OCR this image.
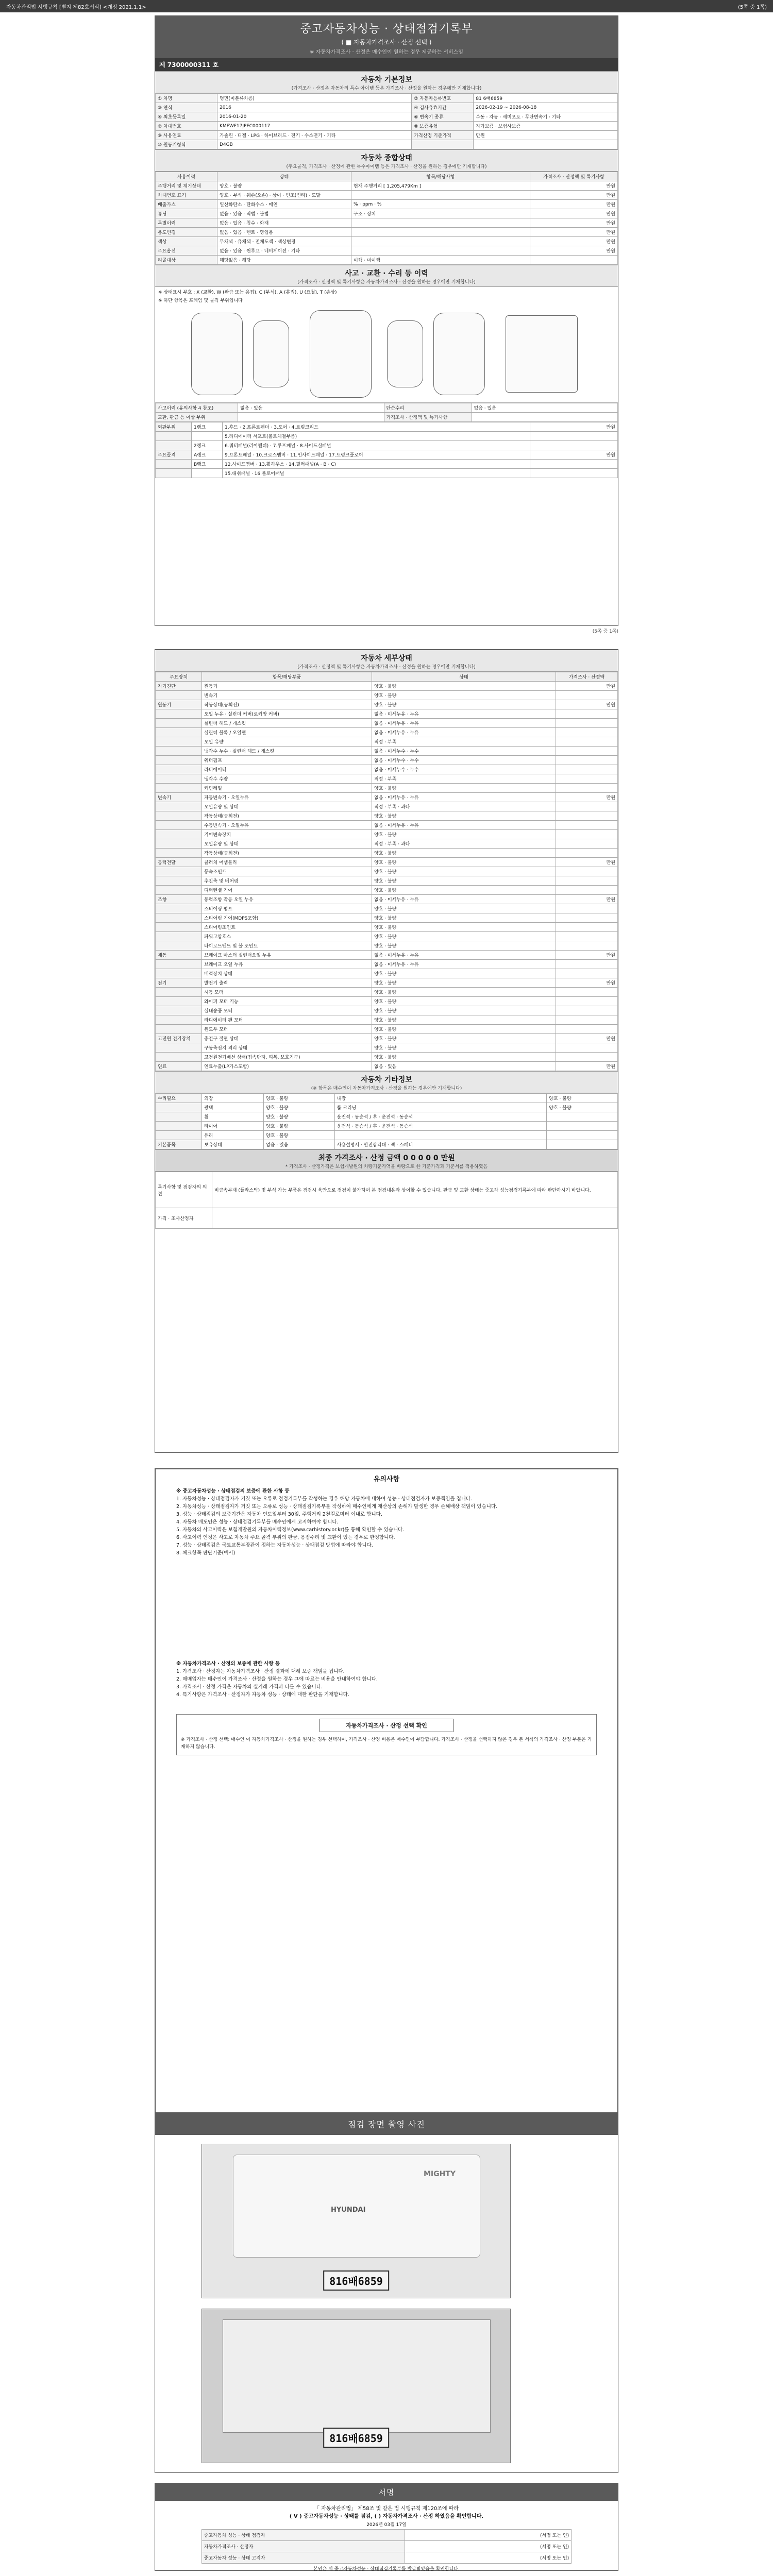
자동차관리법 시행규칙 [별지 제82호서식] <개정 2021.1.1>	(5쪽 중 1쪽)
중고자동차성능 · 상태점검기록부
( ■ 자동차가격조사 · 산정 선택 )
※ 자동차가격조사 · 산정은 매수인이 원하는 경우 제공하는 서비스임
제 7300000311 호
자동차 기본정보
(가격조사 · 산정은 자동차의 특수 아이템 등은 가격조사 · 산정을 원하는 경우에만 기재합니다)
① 차명	명민(미분류차종)	② 자동차등록번호	81 6배6859
③ 연식	2016	④ 검사유효기간	2026-02-19 ~ 2026-08-18
⑤ 최초등록일	2016-01-20	⑥ 변속기 종류	수동 · 자동 · 세미오토 · 무단변속기 · 기타
⑦ 차대번호	KMFWF17JPFC000117	⑧ 보증유형	자가보증 · 보험사보증
⑨ 사용연료	가솔린 · 디젤 · LPG · 하이브리드 · 전기 · 수소전기 · 기타	가격산정 기준가격	만원
⑩ 원동기형식	D4GB		
자동차 종합상태
(주요골격, 가격조사 · 산정에 관한 특수아이템 등은 가격조사 · 산정을 원하는 경우에만 기재합니다)
사용이력	상태	항목/해당사항	가격조사 · 산정액 및 특기사항
주행거리 및 계기상태	양호 · 불량	현재 주행거리 [ 1,205,479Km ]	만원
차대번호 표기	양호 · 부식 · 훼손(오손) · 상이 · 변조(변타) · 도말		만원
배출가스	일산화탄소 · 탄화수소 · 매연	% · ppm · %	만원
튜닝	없음 · 있음 · 적법 · 불법	구조 · 장치	만원
특별이력	없음 · 있음 · 침수 · 화재		만원
용도변경	없음 · 있음 · 렌트 · 영업용		만원
색상	무채색 · 유채색 · 전체도색 · 색상변경		만원
주요옵션	없음 · 있음 · 썬루프 · 네비게이션 · 기타		만원
리콜대상	해당없음 · 해당	이행 · 미이행	
사고 · 교환 · 수리 등 이력
(가격조사 · 산정액 및 특기사항은 자동차가격조사 · 산정을 원하는 경우에만 기재합니다)
※ 상태표시 부호 : X (교환), W (판금 또는 용접), C (부식), A (흠집), U (요철), T (손상)
※ 하단 항목은 프레임 및 골격 부위입니다
사고이력 (유의사항 4 참조)	없음 · 있음	단순수리	없음 · 있음
교환, 판금 등 이상 부위		가격조사 · 산정액 및 특기사항	
외판부위	1랭크	1.후드 · 2.프론트펜더 · 3.도어 · 4.트렁크리드	만원
		5.라디에이터 서포트(볼트체결부품)	
	2랭크	6.쿼터패널(리어펜더) · 7.루프패널 · 8.사이드실패널	
주요골격	A랭크	9.프론트패널 · 10.크로스멤버 · 11.인사이드패널 · 17.트렁크플로어	만원
	B랭크	12.사이드멤버 · 13.휠하우스 · 14.필러패널(A · B · C)	
		15.대쉬패널 · 16.플로어패널	
(5쪽 중 1쪽)
자동차 세부상태
(가격조사 · 산정액 및 특기사항은 자동차가격조사 · 산정을 원하는 경우에만 기재합니다)
주요장치	항목/해당부품	상태	가격조사 · 산정액
자기진단	원동기	양호 · 불량	만원
	변속기	양호 · 불량	
원동기	작동상태(공회전)	양호 · 불량	만원
	오일 누유 · 실린더 커버(로커암 커버)	없음 · 미세누유 · 누유	
	실린더 헤드 / 개스킷	없음 · 미세누유 · 누유	
	실린더 블록 / 오일팬	없음 · 미세누유 · 누유	
	오일 유량	적정 · 부족	
	냉각수 누수 · 실린더 헤드 / 개스킷	없음 · 미세누수 · 누수	
	워터펌프	없음 · 미세누수 · 누수	
	라디에이터	없음 · 미세누수 · 누수	
	냉각수 수량	적정 · 부족	
	커먼레일	양호 · 불량	
변속기	자동변속기 · 오일누유	없음 · 미세누유 · 누유	만원
	오일유량 및 상태	적정 · 부족 · 과다	
	작동상태(공회전)	양호 · 불량	
	수동변속기 · 오일누유	없음 · 미세누유 · 누유	
	기어변속장치	양호 · 불량	
	오일유량 및 상태	적정 · 부족 · 과다	
	작동상태(공회전)	양호 · 불량	
동력전달	클러치 어셈블리	양호 · 불량	만원
	등속조인트	양호 · 불량	
	추진축 및 베어링	양호 · 불량	
	디퍼렌셜 기어	양호 · 불량	
조향	동력조향 작동 오일 누유	없음 · 미세누유 · 누유	만원
	스티어링 펌프	양호 · 불량	
	스티어링 기어(MDPS포함)	양호 · 불량	
	스티어링조인트	양호 · 불량	
	파워고압호스	양호 · 불량	
	타이로드엔드 및 볼 조인트	양호 · 불량	
제동	브레이크 마스터 실린더오일 누유	없음 · 미세누유 · 누유	만원
	브레이크 오일 누유	없음 · 미세누유 · 누유	
	배력장치 상태	양호 · 불량	
전기	발전기 출력	양호 · 불량	만원
	시동 모터	양호 · 불량	
	와이퍼 모터 기능	양호 · 불량	
	실내송풍 모터	양호 · 불량	
	라디에이터 팬 모터	양호 · 불량	
	윈도우 모터	양호 · 불량	
고전원 전기장치	충전구 절연 상태	양호 · 불량	만원
	구동축전지 격리 상태	양호 · 불량	
	고전원전기배선 상태(접속단자, 피복, 보호기구)	양호 · 불량	
연료	연료누출(LP가스포함)	없음 · 있음	만원
자동차 기타정보
(※ 항목은 매수인이 자동차가격조사 · 산정을 원하는 경우에만 기재합니다)
수리필요	외장	양호 · 불량	내장	양호 · 불량
	광택	양호 · 불량	룸 크리닝	양호 · 불량
	휠	양호 · 불량	운전석 · 동승석 / 후 · 운전석 · 동승석	
	타이어	양호 · 불량	운전석 · 동승석 / 후 · 운전석 · 동승석	
	유리	양호 · 불량		
기본품목	보유상태	없음 · 있음	사용설명서 · 안전삼각대 · 잭 · 스패너	
최종 가격조사 · 산정 금액 0 0 0 0 0 만원
* 가격조사 · 산정가격은 보험개발원의 차량기준가액을 바탕으로 한 기준가격과 기준서를 적용하였음
특기사항 및 점검자의 의견	비금속부재 (플라스틱) 및 부식 가능 부품은 점검시 육안으로 점검이 불가하여 본 점검내용과 상이할 수 있습니다. 판금 및 교환 상태는 중고차 성능점검기록부에 따라 판단하시기 바랍니다.
가격 · 조사산정자	
유의사항

※ 중고자동차성능 · 상태점검의 보증에 관한 사항 등

1. 자동차성능 · 상태점검자가 거짓 또는 오류로 점검기록부를 작성하는 경우 해당 자동차에 대하여 성능 · 상태점검자가 보증책임을 집니다.

2. 자동차성능 · 상태점검자가 거짓 또는 오류로 성능 · 상태점검기록부를 작성하여 매수인에게 재산상의 손해가 발생한 경우 손해배상 책임이 있습니다.

3. 성능 · 상태점검의 보증기간은 자동차 인도일부터 30일, 주행거리 2천킬로미터 이내로 합니다.

4. 자동차 매도인은 성능 · 상태점검기록부를 매수인에게 고지하여야 합니다.

5. 자동차의 사고이력은 보험개발원의 자동차이력정보(www.carhistory.or.kr)를 통해 확인할 수 있습니다.

6. 사고이력 인정은 사고로 자동차 주요 골격 부위의 판금, 용접수리 및 교환이 있는 경우로 한정합니다.

7. 성능 · 상태점검은 국토교통부장관이 정하는 자동차성능 · 상태점검 방법에 따라야 합니다.

8. 체크항목 판단기준(예시)

※ 자동차가격조사 · 산정의 보증에 관한 사항 등

1. 가격조사 · 산정자는 자동차가격조사 · 산정 결과에 대해 보증 책임을 집니다.

2. 매매업자는 매수인이 가격조사 · 산정을 원하는 경우 그에 따르는 비용을 안내하여야 합니다.

3. 가격조사 · 산정 가격은 자동차의 실거래 가격과 다를 수 있습니다.

4. 특기사항은 가격조사 · 산정자가 자동차 성능 · 상태에 대한 판단을 기재합니다.

자동차가격조사 · 산정 선택 확인
※ 가격조사 · 산정 선택: 매수인 이 자동차가격조사 · 산정을 원하는 경우 선택하며, 가격조사 · 산정 비용은 매수인이 부담합니다. 가격조사 · 산정을 선택하지 않은 경우 본 서식의 가격조사 · 산정 부분은 기재하지 않습니다.
점검 장면 촬영 사진
MIGHTY
HYUNDAI
816배6859
816배6859
서명
「 자동차관리법」 제58조 및 같은 법 시행규칙 제120조에 따라
( V ) 중고자동차성능 · 상태를 점검, ( ) 자동차가격조사 · 산정 하였음을 확인합니다.
2026년 03월 17일
중고자동차 성능 · 상태 점검자	(서명 또는 인)
자동차가격조사 · 산정자	(서명 또는 인)
중고자동차 성능 · 상태 고지자	(서명 또는 인)
본인은 위 중고자동차성능 · 상태점검기록부를 발급받았음을 확인합니다.
